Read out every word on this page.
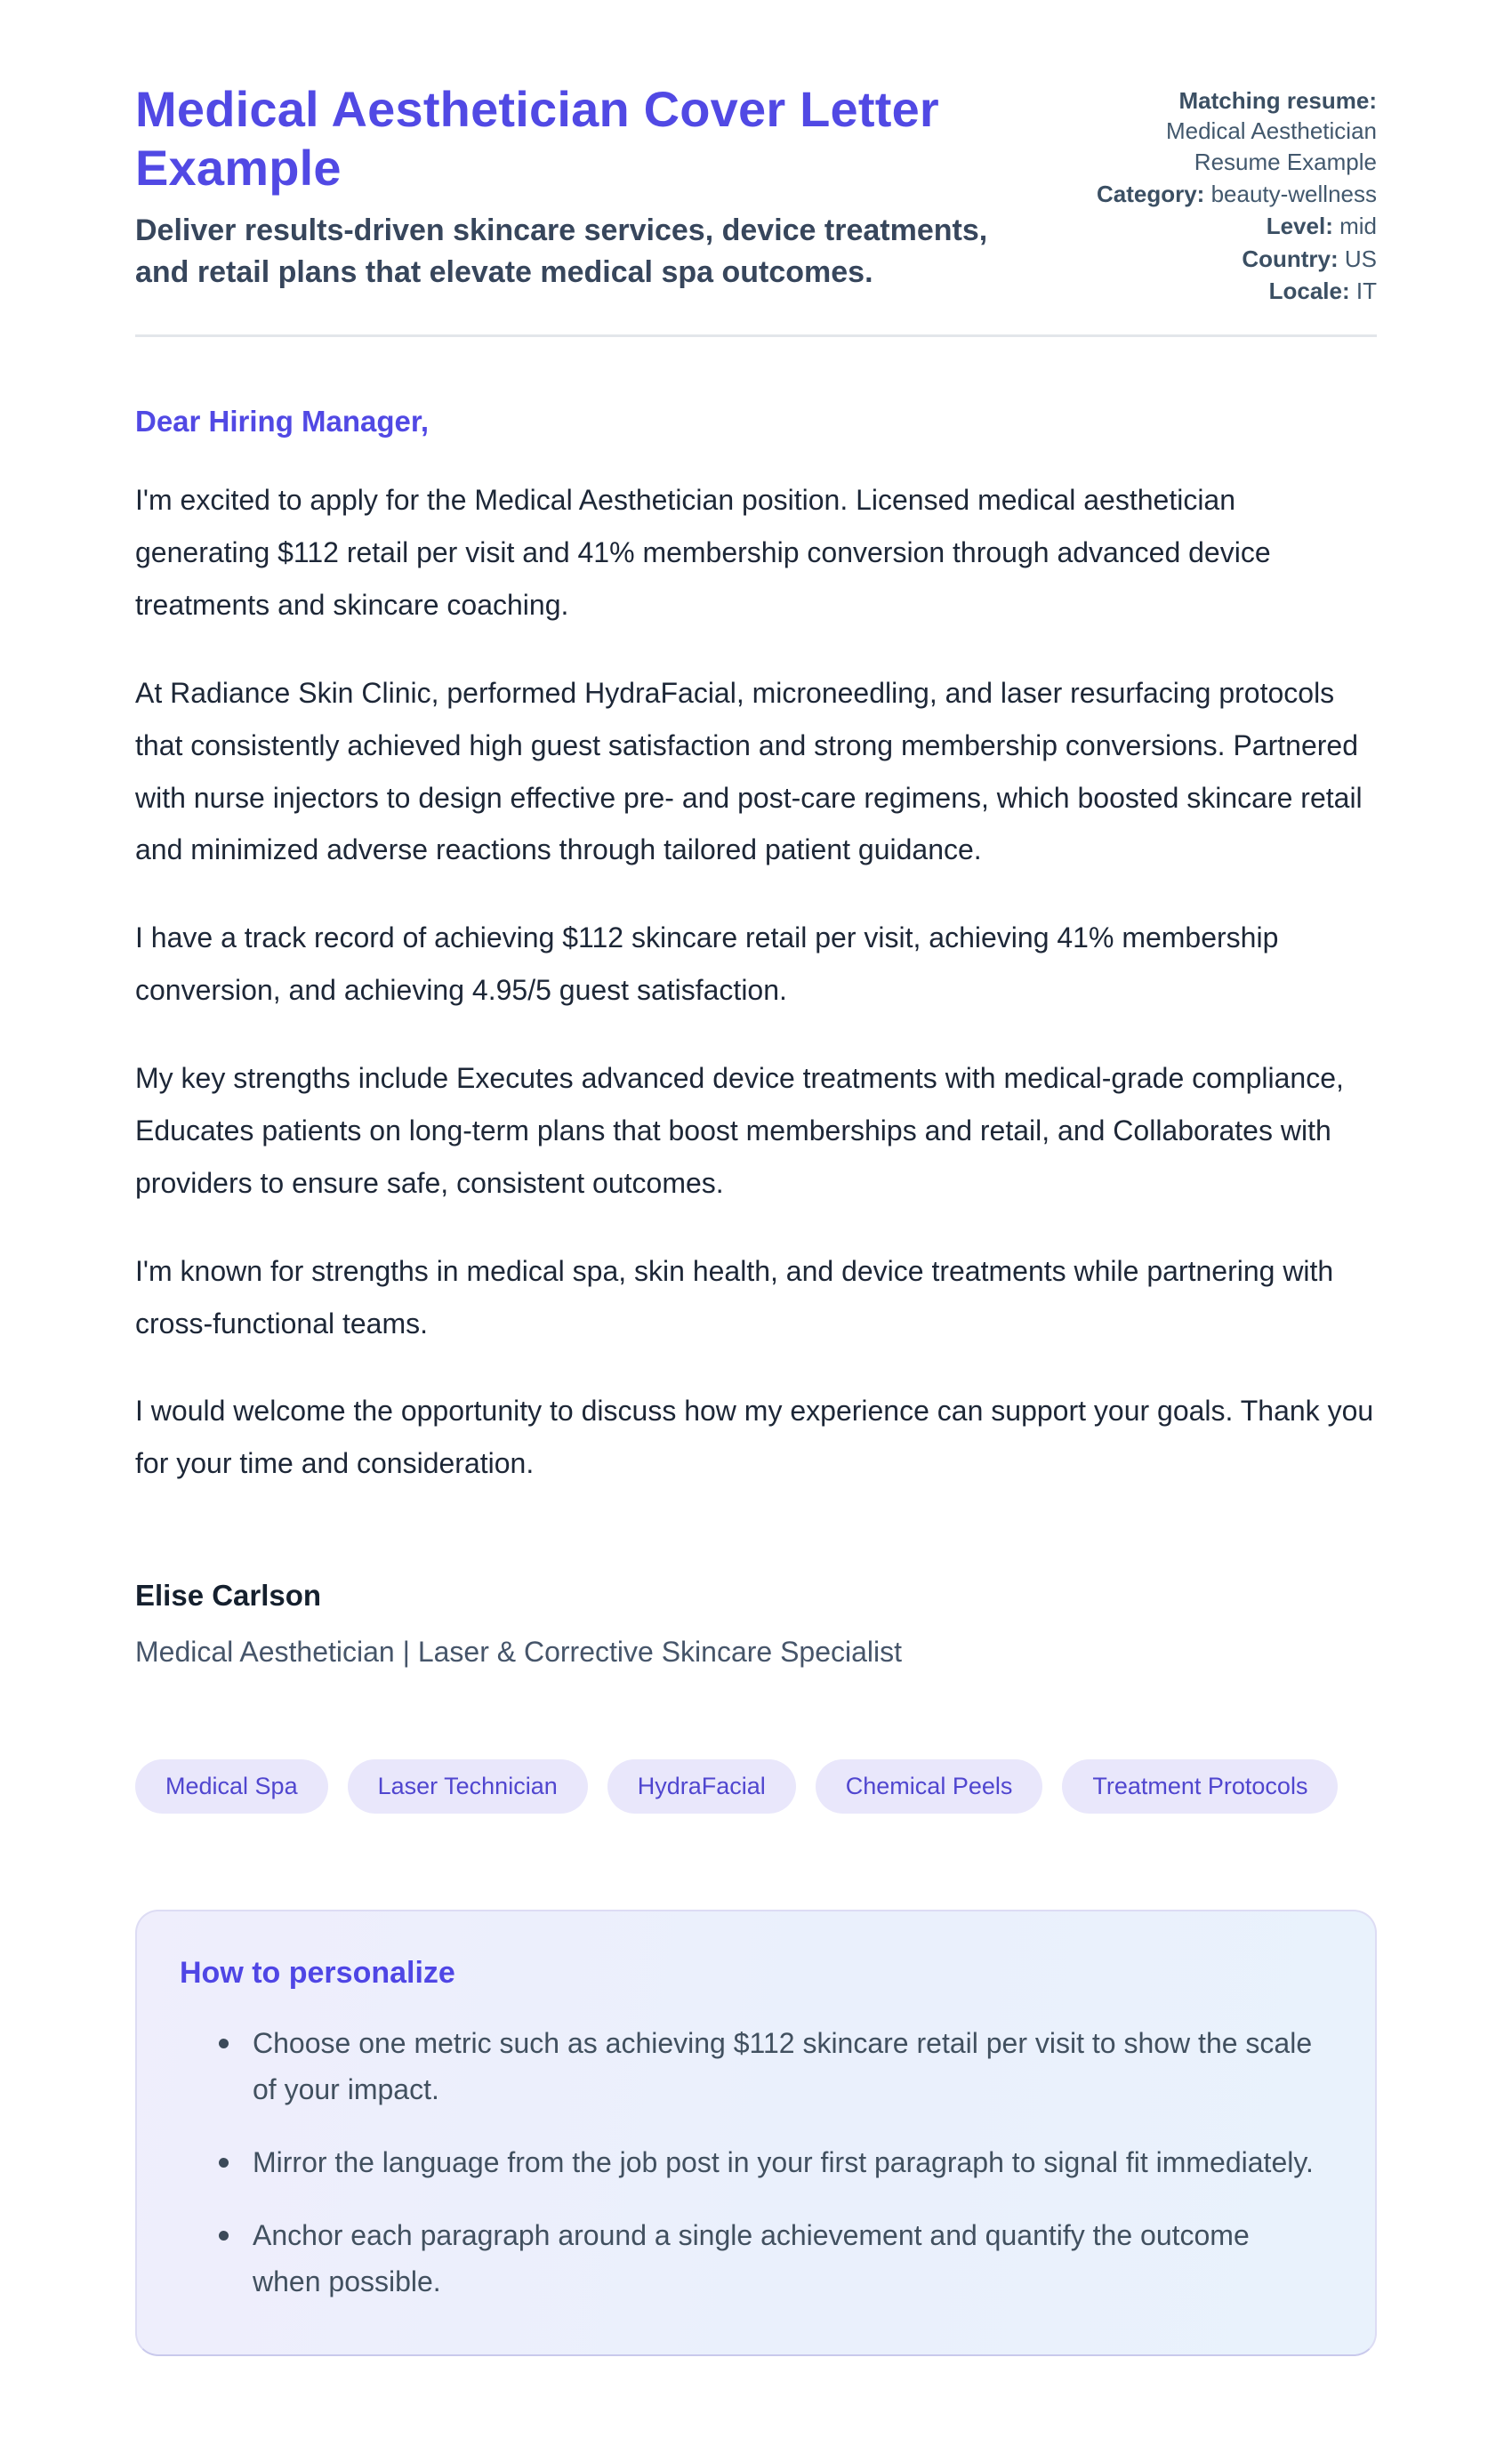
Medical Aesthetician Cover Letter Example

Deliver results-driven skincare services, device treatments, and retail plans that elevate medical spa outcomes.

Matching resume:
Medical Aesthetician Resume Example
Category: beauty-wellness
Level: mid
Country: US
Locale: IT

Dear Hiring Manager,

I'm excited to apply for the Medical Aesthetician position. Licensed medical aesthetician generating $112 retail per visit and 41% membership conversion through advanced device treatments and skincare coaching.

At Radiance Skin Clinic, performed HydraFacial, microneedling, and laser resurfacing protocols that consistently achieved high guest satisfaction and strong membership conversions. Partnered with nurse injectors to design effective pre- and post-care regimens, which boosted skincare retail and minimized adverse reactions through tailored patient guidance.

I have a track record of achieving $112 skincare retail per visit, achieving 41% membership conversion, and achieving 4.95/5 guest satisfaction.

My key strengths include Executes advanced device treatments with medical-grade compliance, Educates patients on long-term plans that boost memberships and retail, and Collaborates with providers to ensure safe, consistent outcomes.

I'm known for strengths in medical spa, skin health, and device treatments while partnering with cross-functional teams.

I would welcome the opportunity to discuss how my experience can support your goals. Thank you for your time and consideration.

Elise Carlson

Medical Aesthetician | Laser & Corrective Skincare Specialist

Medical Spa	Laser Technician	HydraFacial	Chemical Peels	Treatment Protocols
How to personalize
Choose one metric such as achieving $112 skincare retail per visit to show the scale of your impact.
Mirror the language from the job post in your first paragraph to signal fit immediately.
Anchor each paragraph around a single achievement and quantify the outcome when possible.
